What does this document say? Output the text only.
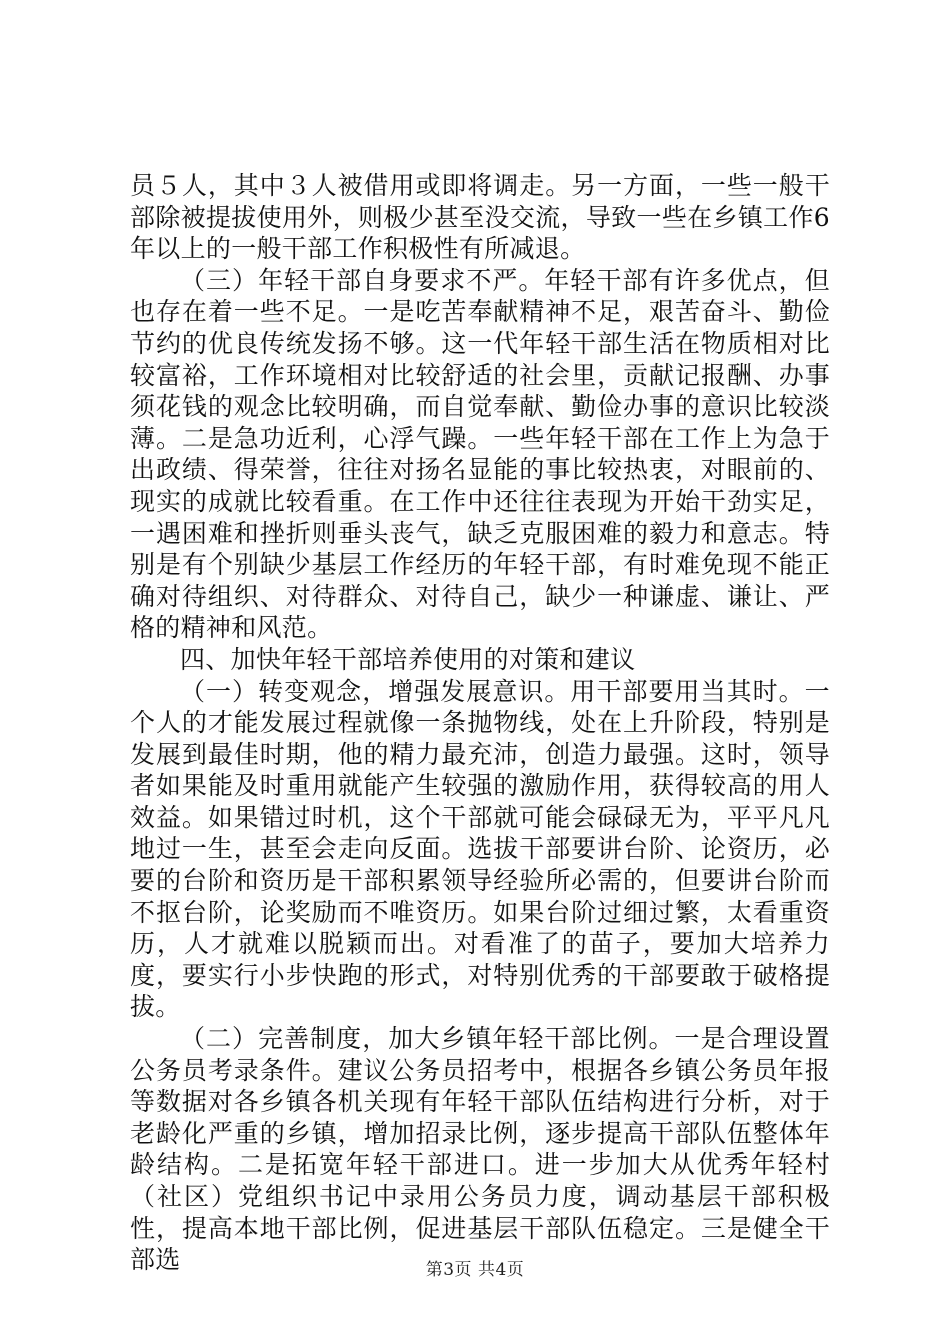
员５人，其中３人被借用或即将调走。另一方面，一些一般干部除被提拔使用外，则极少甚至没交流，导致一些在乡镇工作6年以上的一般干部工作积极性有所减退。

（三）年轻干部自身要求不严。年轻干部有许多优点，但也存在着一些不足。一是吃苦奉献精神不足，艰苦奋斗、勤俭节约的优良传统发扬不够。这一代年轻干部生活在物质相对比较富裕，工作环境相对比较舒适的社会里，贡献记报酬、办事须花钱的观念比较明确，而自觉奉献、勤俭办事的意识比较淡薄。二是急功近利，心浮气躁。一些年轻干部在工作上为急于出政绩、得荣誉，往往对扬名显能的事比较热衷，对眼前的、现实的成就比较看重。在工作中还往往表现为开始干劲实足，一遇困难和挫折则垂头丧气，缺乏克服困难的毅力和意志。特别是有个别缺少基层工作经历的年轻干部，有时难免现不能正确对待组织、对待群众、对待自己，缺少一种谦虚、谦让、严格的精神和风范。

四、加快年轻干部培养使用的对策和建议

（一）转变观念，增强发展意识。用干部要用当其时。一个人的才能发展过程就像一条抛物线，处在上升阶段，特别是发展到最佳时期，他的精力最充沛，创造力最强。这时，领导者如果能及时重用就能产生较强的激励作用，获得较高的用人效益。如果错过时机，这个干部就可能会碌碌无为，平平凡凡地过一生，甚至会走向反面。选拔干部要讲台阶、论资历，必要的台阶和资历是干部积累领导经验所必需的，但要讲台阶而不抠台阶，论奖励而不唯资历。如果台阶过细过繁，太看重资历，人才就难以脱颖而出。对看准了的苗子，要加大培养力度，要实行小步快跑的形式，对特别优秀的干部要敢于破格提拔。

（二）完善制度，加大乡镇年轻干部比例。一是合理设置公务员考录条件。建议公务员招考中，根据各乡镇公务员年报等数据对各乡镇各机关现有年轻干部队伍结构进行分析，对于老龄化严重的乡镇，增加招录比例，逐步提高干部队伍整体年龄结构。二是拓宽年轻干部进口。进一步加大从优秀年轻村（社区）党组织书记中录用公务员力度，调动基层干部积极性，提高本地干部比例，促进基层干部队伍稳定。三是健全干部选	第3页 共4页
